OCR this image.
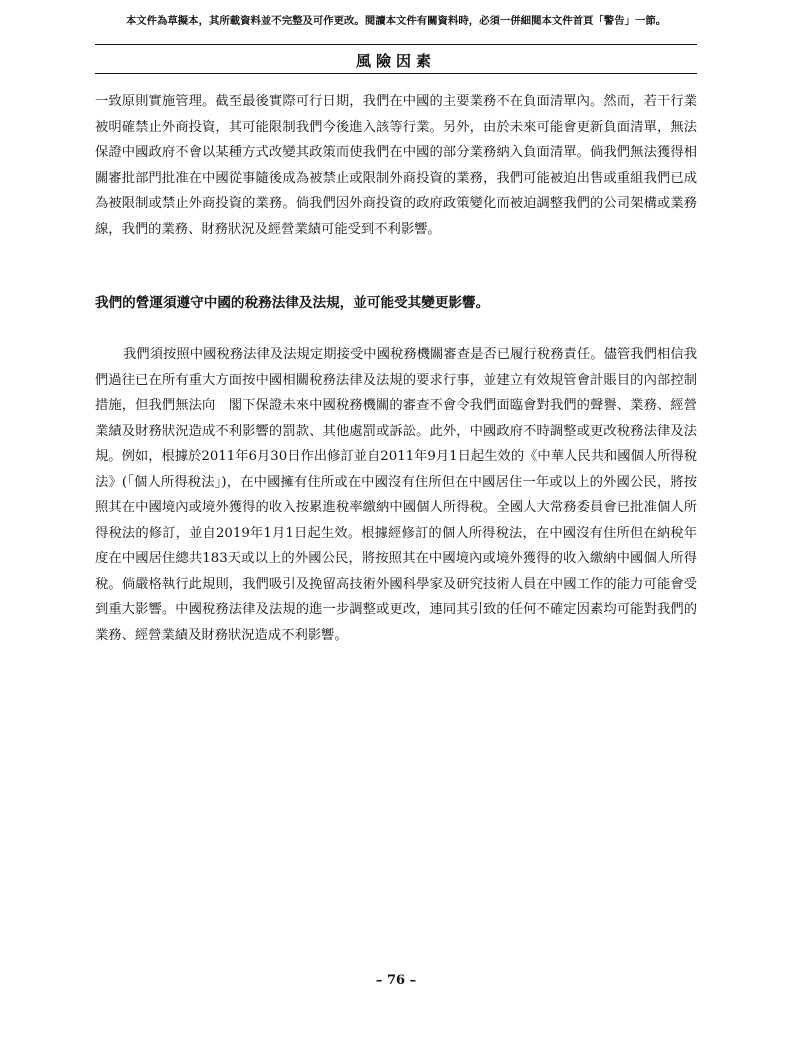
本文件為草擬本，其所載資料並不完整及可作更改。閱讀本文件有關資料時，必須一併細閱本文件首頁「警告」一節。
風險因素

一致原則實施管理。截至最後實際可行日期，我們在中國的主要業務不在負面清單內。然而，若干行業被明確禁止外商投資，其可能限制我們今後進入該等行業。另外，由於未來可能會更新負面清單，無法保證中國政府不會以某種方式改變其政策而使我們在中國的部分業務納入負面清單。倘我們無法獲得相關審批部門批准在中國從事隨後成為被禁止或限制外商投資的業務，我們可能被迫出售或重組我們已成為被限制或禁止外商投資的業務。倘我們因外商投資的政府政策變化而被迫調整我們的公司架構或業務線，我們的業務、財務狀況及經營業績可能受到不利影響。

我們的營運須遵守中國的稅務法律及法規，並可能受其變更影響。

我們須按照中國稅務法律及法規定期接受中國稅務機關審查是否已履行稅務責任。儘管我們相信我們過往已在所有重大方面按中國相關稅務法律及法規的要求行事，並建立有效規管會計賬目的內部控制措施，但我們無法向　閣下保證未來中國稅務機關的審查不會令我們面臨會對我們的聲譽、業務、經營業績及財務狀況造成不利影響的罰款、其他處罰或訴訟。此外，中國政府不時調整或更改稅務法律及法規。例如，根據於2011年6月30日作出修訂並自2011年9月1日起生效的《中華人民共和國個人所得稅法》(「個人所得稅法」)，在中國擁有住所或在中國沒有住所但在中國居住一年或以上的外國公民，將按照其在中國境內或境外獲得的收入按累進稅率繳納中國個人所得稅。全國人大常務委員會已批准個人所得稅法的修訂，並自2019年1月1日起生效。根據經修訂的個人所得稅法，在中國沒有住所但在納稅年度在中國居住總共183天或以上的外國公民，將按照其在中國境內或境外獲得的收入繳納中國個人所得稅。倘嚴格執行此規則，我們吸引及挽留高技術外國科學家及研究技術人員在中國工作的能力可能會受到重大影響。中國稅務法律及法規的進一步調整或更改，連同其引致的任何不確定因素均可能對我們的業務、經營業績及財務狀況造成不利影響。

– 76 –
